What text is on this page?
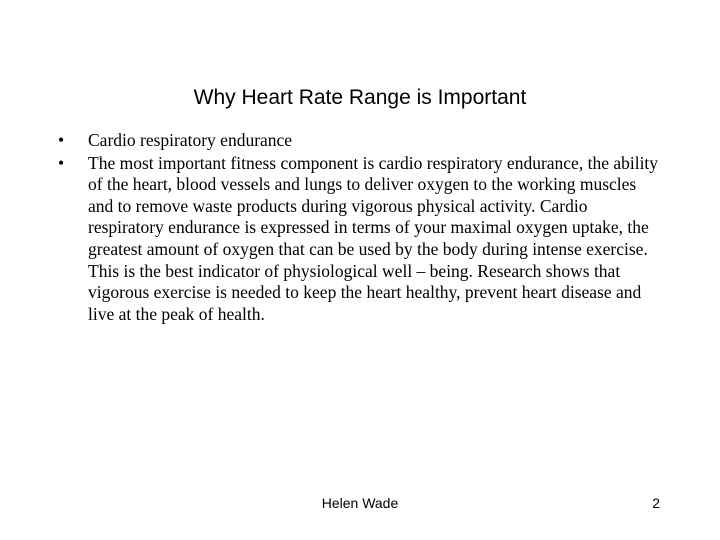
Why Heart Rate Range is Important
•	Cardio respiratory endurance
•	The most important fitness component is cardio respiratory endurance, the ability of the heart, blood vessels and lungs to deliver oxygen to the working muscles and to remove waste products during vigorous physical activity. Cardio respiratory endurance is expressed in terms of your maximal oxygen uptake, the greatest amount of oxygen that can be used by the body during intense exercise. This is the best indicator of physiological well – being. Research shows that vigorous exercise is needed to keep the heart healthy, prevent heart disease and live at the peak of health.
Helen Wade	2
